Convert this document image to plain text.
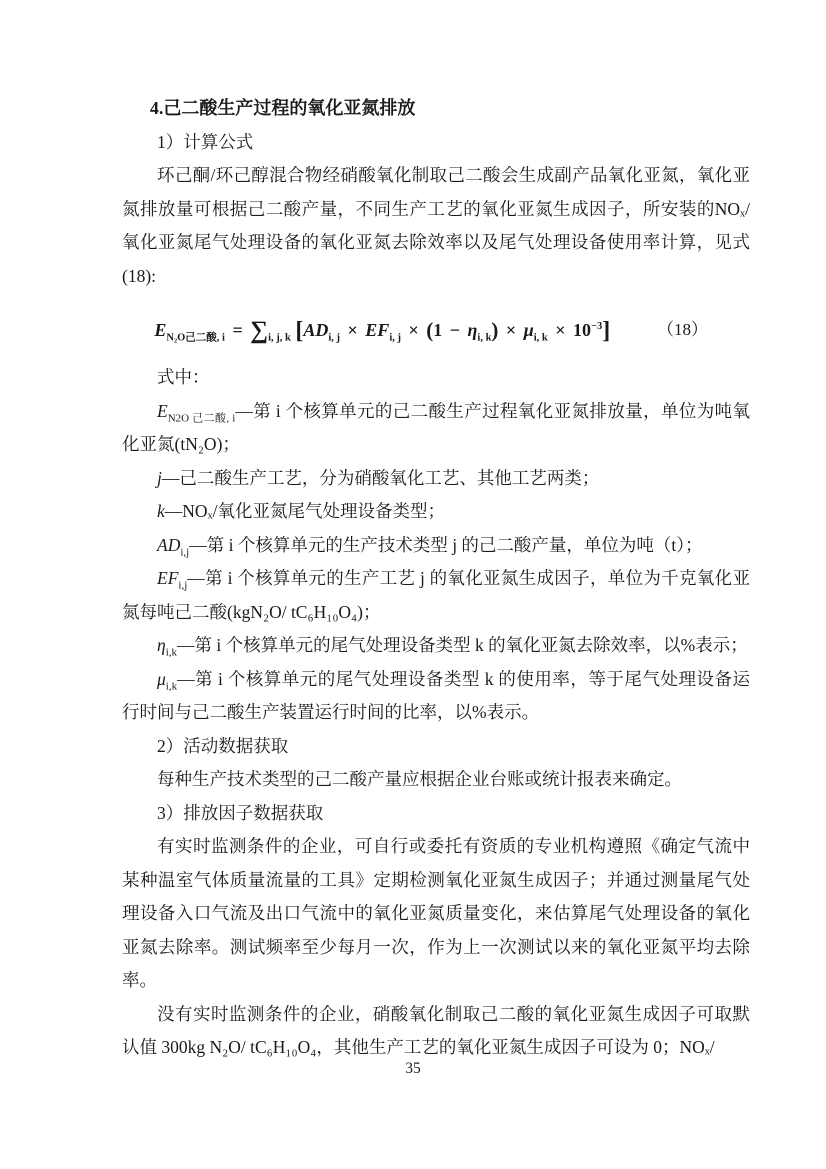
4.己二酸生产过程的氧化亚氮排放

1）计算公式

环己酮/环己醇混合物经硝酸氧化制取己二酸会生成副产品氧化亚氮，氧化亚氮排放量可根据己二酸产量，不同生产工艺的氧化亚氮生成因子，所安装的NOₓ/氧化亚氮尾气处理设备的氧化亚氮去除效率以及尾气处理设备使用率计算，见式(18):

$E_{N_2O己二酸, i} = \sum_{i, j, k}$ $[AD_{i, j} \times EF_{i, j} \times (1 - \eta_{i, k}) \times \mu_{i, k} \times 10^{-3}]$	（18）

式中：

$E_{N2O 己二酸, i}—$第 i 个核算单元的己二酸生产过程氧化亚氮排放量，单位为吨氧化亚氮(tN₂O)；

j—己二酸生产工艺，分为硝酸氧化工艺、其他工艺两类；

k—NOₓ/氧化亚氮尾气处理设备类型；

$AD_{i,j}—$第 i 个核算单元的生产技术类型 j 的己二酸产量，单位为吨（t）；

$EF_{i,j}—$第 i 个核算单元的生产工艺 j 的氧化亚氮生成因子，单位为千克氧化亚氮每吨己二酸(kgN₂O/ tC₆H₁₀O₄)；

$\eta_{i,k}—$第 i 个核算单元的尾气处理设备类型 k 的氧化亚氮去除效率，以%表示；

$\mu_{i,k}—$第 i 个核算单元的尾气处理设备类型 k 的使用率，等于尾气处理设备运行时间与己二酸生产装置运行时间的比率，以%表示。

2）活动数据获取

每种生产技术类型的己二酸产量应根据企业台账或统计报表来确定。

3）排放因子数据获取

有实时监测条件的企业，可自行或委托有资质的专业机构遵照《确定气流中某种温室气体质量流量的工具》定期检测氧化亚氮生成因子；并通过测量尾气处理设备入口气流及出口气流中的氧化亚氮质量变化，来估算尾气处理设备的氧化亚氮去除率。测试频率至少每月一次，作为上一次测试以来的氧化亚氮平均去除率。

没有实时监测条件的企业，硝酸氧化制取己二酸的氧化亚氮生成因子可取默认值 300kg N₂O/ tC₆H₁₀O₄，其他生产工艺的氧化亚氮生成因子可设为 0；NOₓ/

35
